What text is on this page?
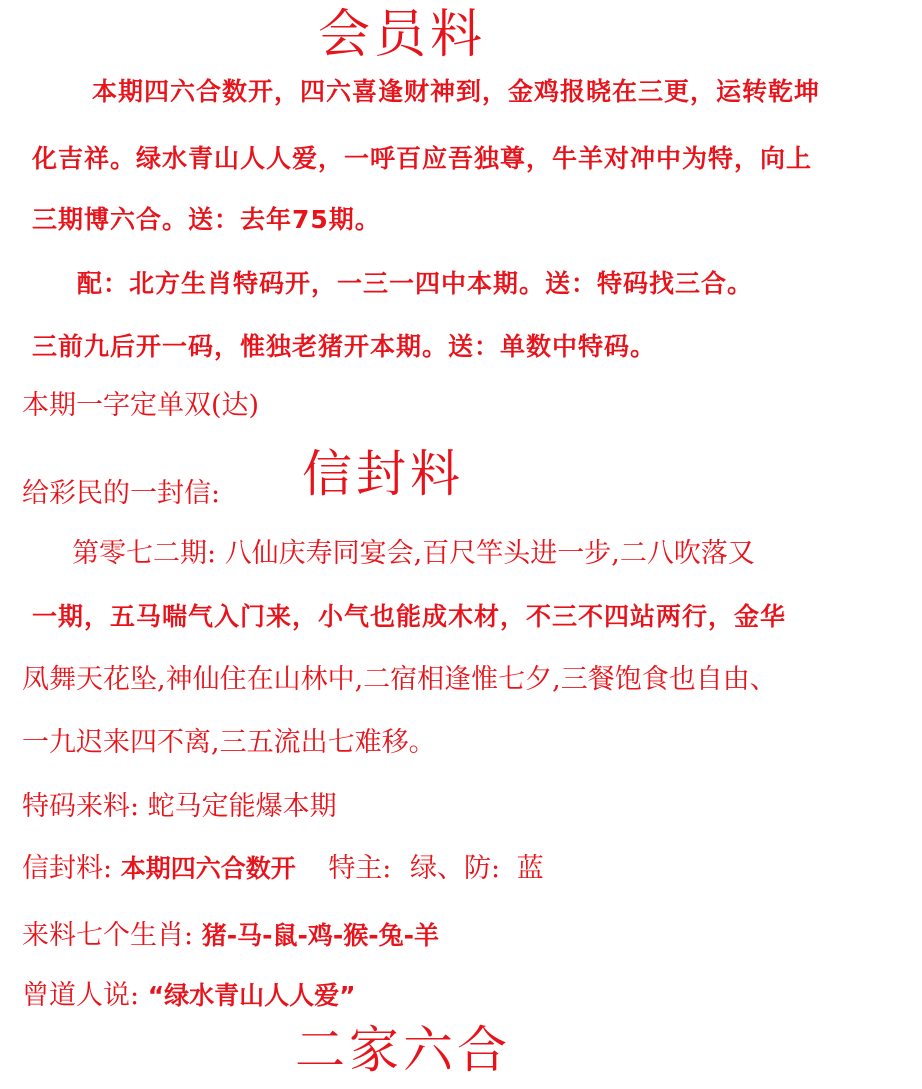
会员料
本期四六合数开，四六喜逢财神到，金鸡报晓在三更，运转乾坤
化吉祥。绿水青山人人爱，一呼百应吾独尊，牛羊对冲中为特，向上
三期博六合。送：去年75期。
配：北方生肖特码开，一三一四中本期。送：特码找三合。
三前九后开一码，惟独老猪开本期。送：单数中特码。
本期一字定单双(达)
给彩民的一封信: 信封料
第零七二期: 八仙庆寿同宴会,百尺竿头进一步,二八吹落又
一期，五马喘气入门来，小气也能成木材，不三不四站两行，金华
凤舞天花坠,神仙住在山林中,二宿相逢惟七夕,三餐饱食也自由、
一九迟来四不离,三五流出七难移。
特码来料: 蛇马定能爆本期
信封料: 本期四六合数开 特主: 绿、防: 蓝
来料七个生肖: 猪-马-鼠-鸡-猴-兔-羊
曾道人说: “绿水青山人人爱”
二家六合
